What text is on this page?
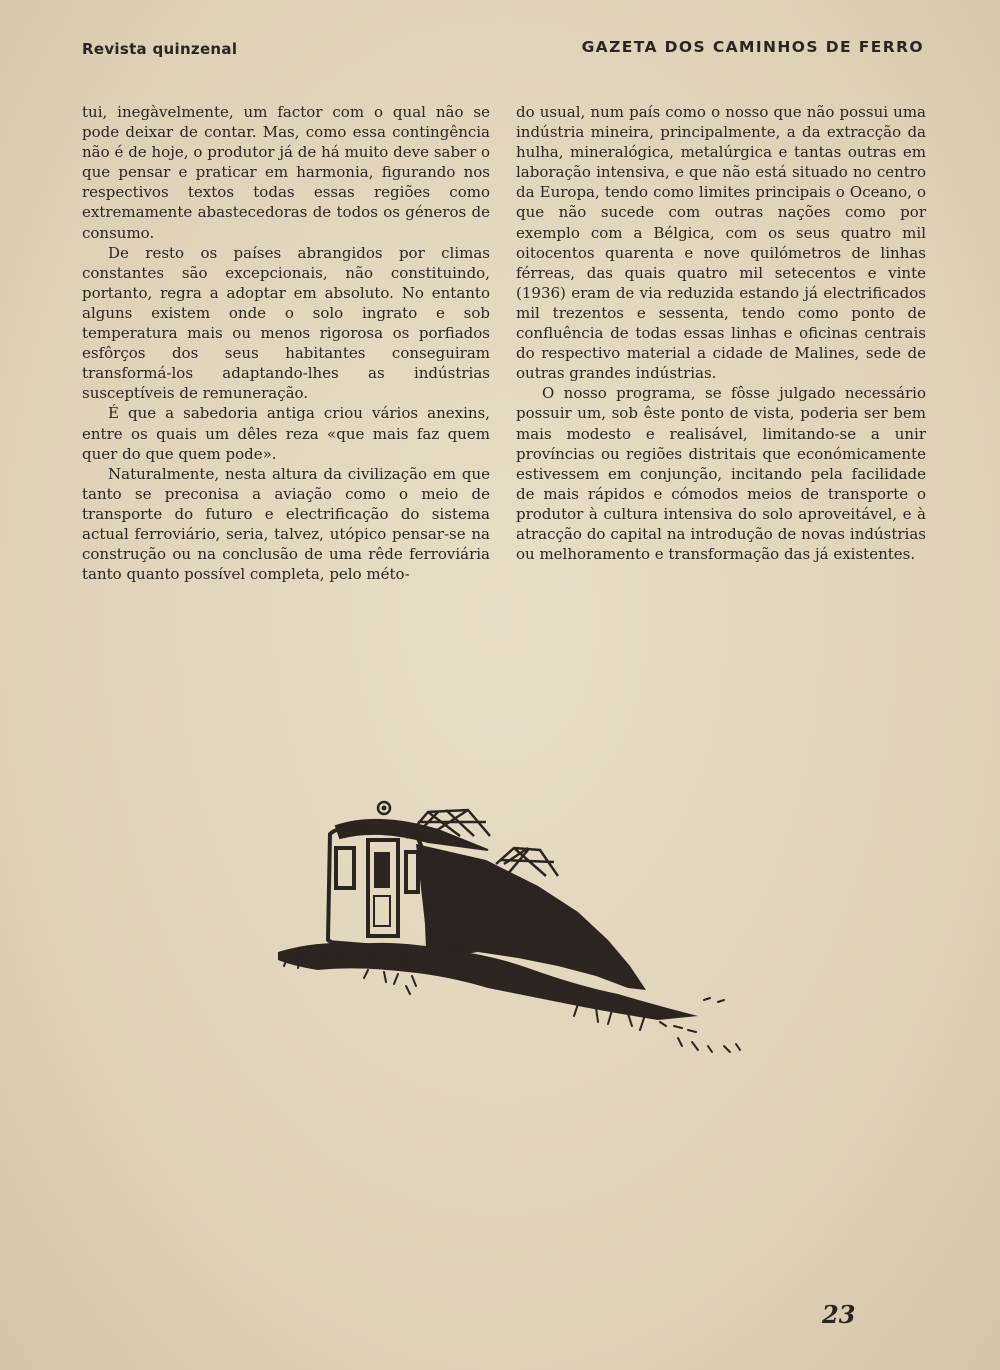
Revista quinzenal	GAZETA DOS CAMINHOS DE FERRO

tui, inegàvelmente, um factor com o qual não se pode deixar de contar. Mas, como essa contingência não é de hoje, o produtor já de há muito deve saber o que pensar e praticar em harmonia, figurando nos respectivos textos todas essas regiões como extremamente abastecedoras de todos os géneros de consumo.

De resto os países abrangidos por climas constantes são excepcionais, não constituindo, portanto, regra a adoptar em absoluto. No entanto alguns existem onde o solo ingrato e sob temperatura mais ou menos rigorosa os porfiados esfôrços dos seus habitantes conseguiram transformá-los adaptando-lhes as indústrias susceptíveis de remuneração.

É que a sabedoria antiga criou vários anexins, entre os quais um dêles reza «que mais faz quem quer do que quem pode».

Naturalmente, nesta altura da civilização em que tanto se preconisa a aviação como o meio de transporte do futuro e electrificação do sistema actual ferroviário, seria, talvez, utópico pensar-se na construção ou na conclusão de uma rêde ferroviária tanto quanto possível completa, pelo méto-

do usual, num país como o nosso que não possui uma indústria mineira, principalmente, a da extracção da hulha, mineralógica, metalúrgica e tantas outras em laboração intensiva, e que não está situado no centro da Europa, tendo como limites principais o Oceano, o que não sucede com outras nações como por exemplo com a Bélgica, com os seus quatro mil oitocentos quarenta e nove quilómetros de linhas férreas, das quais quatro mil setecentos e vinte (1936) eram de via reduzida estando já electrificados mil trezentos e sessenta, tendo como ponto de confluência de todas essas linhas e oficinas centrais do respectivo material a cidade de Malines, sede de outras grandes indústrias.

O nosso programa, se fôsse julgado necessário possuir um, sob êste ponto de vista, poderia ser bem mais modesto e realisável, limitando-se a unir províncias ou regiões distritais que económicamente estivessem em conjunção, incitando pela facilidade de mais rápidos e cómodos meios de transporte o produtor à cultura intensiva do solo aproveitável, e à atracção do capital na introdução de novas indústrias ou melhoramento e transformação das já existentes.

23
